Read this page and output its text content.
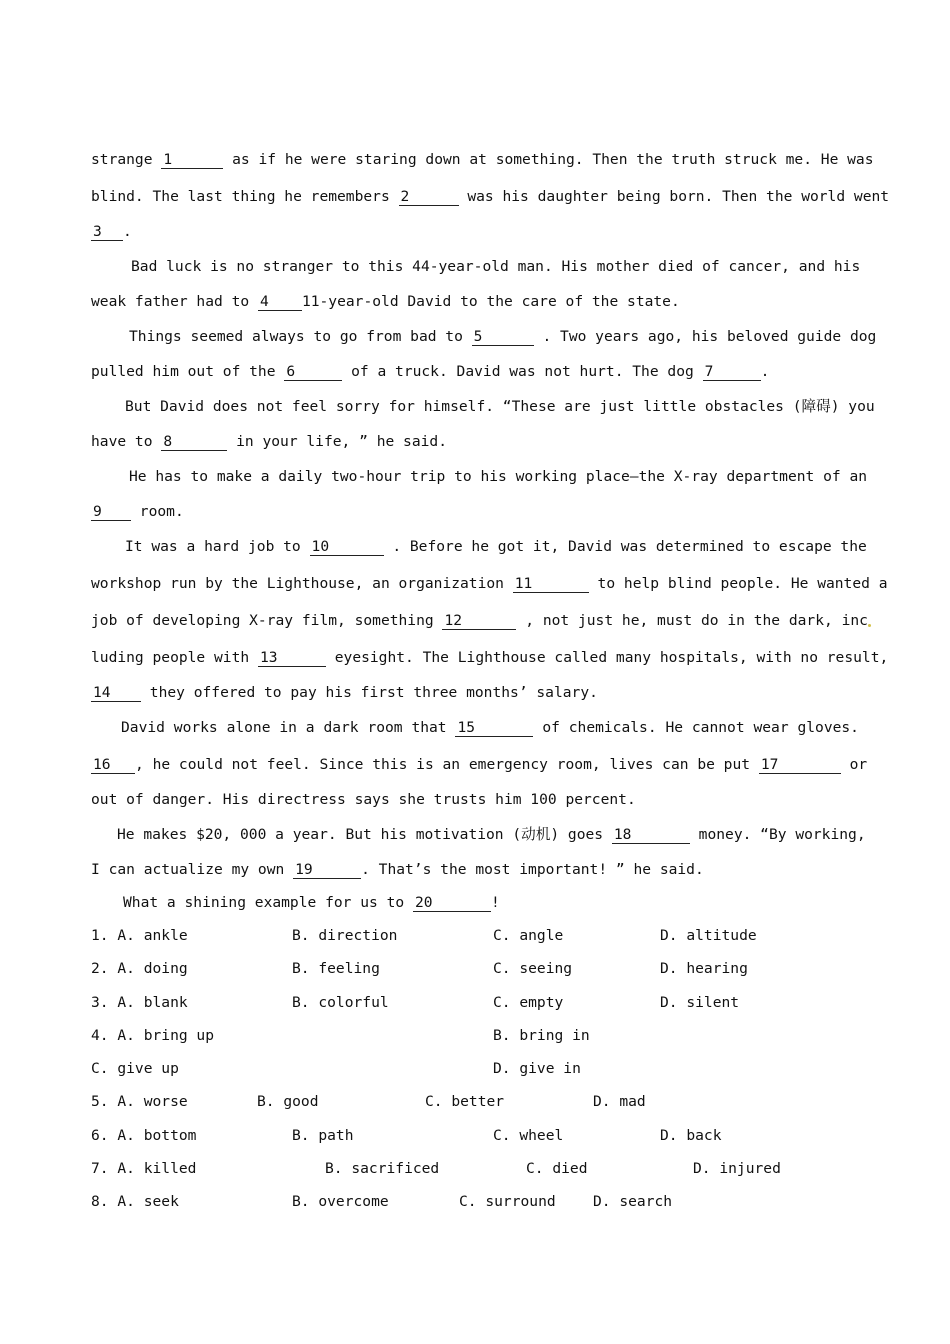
strange 1	as if he were staring down at something. Then the truth struck me. He was
blind. The last thing he remembers 2	was his daughter being born. Then the world went
3 .
Bad luck is no stranger to this 44-year-old man. His mother died of cancer, and his
weak father had to 4 11-year-old David to the care of the state.
Things seemed always to go from bad to 5	. Two years ago, his beloved guide dog
pulled him out of the 6	of a truck. David was not hurt. The dog 7	.
But David does not feel sorry for himself. “These are just little obstacles (障碍) you
have to 8	in your life, ” he said.
He has to make a daily two-hour trip to his working place—the X-ray department of an
9	room.
It was a hard job to 10	. Before he got it, David was determined to escape the
workshop run by the Lighthouse, an organization 11	to help blind people. He wanted a
job of developing X-ray film, something 12	, not just he, must do in the dark, inc
luding people with 13	eyesight. The Lighthouse called many hospitals, with no result,
14	they offered to pay his first three months’ salary.
David works alone in a dark room that 15	of chemicals. He cannot wear gloves.
16 , he could not feel. Since this is an emergency room, lives can be put 17	or
out of danger. His directress says she trusts him 100 percent.
He makes $20, 000 a year. But his motivation (动机) goes 18	money. “By working,
I can actualize my own 19	. That’s the most important! ” he said.
What a shining example for us to 20	!
1. A. ankle	B. direction	C. angle	D. altitude
2. A. doing	B. feeling	C. seeing	D. hearing
3. A. blank	B. colorful	C. empty	D. silent
4. A. bring up	B. bring in
C. give up	D. give in
5. A. worse	B. good	C. better	D. mad
6. A. bottom	B. path	C. wheel	D. back
7. A. killed	B. sacrificed	C. died	D. injured
8. A. seek	B. overcome	C. surround	D. search
